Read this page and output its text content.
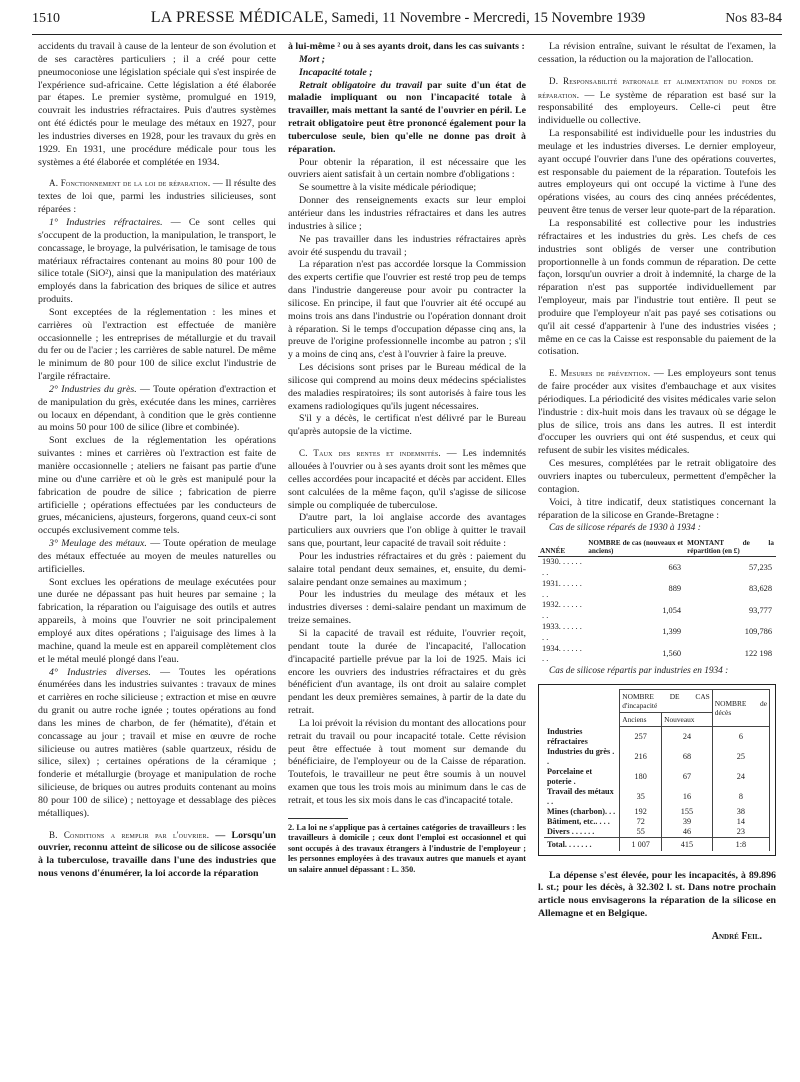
1510	LA PRESSE MÉDICALE, Samedi, 11 Novembre - Mercredi, 15 Novembre 1939	Nos 83-84

accidents du travail à cause de la lenteur de son évolution et de ses caractères particuliers ; il a créé pour cette pneumoconiose une législation spéciale qui s'est inspirée de l'expérience sud-africaine. Cette législation a été élaborée par étapes. Le premier système, promulgué en 1919, couvrait les industries réfractaires. Puis d'autres systèmes ont été édictés pour le meulage des métaux en 1927, pour les industries diverses en 1928, pour les travaux du grès en 1929. En 1931, une procédure médicale pour tous les systèmes a été élaborée et complétée en 1934.

A. Fonctionnement de la loi de réparation. — Il résulte des textes de loi que, parmi les industries silicieuses, sont réparées :

1° Industries réfractaires. — Ce sont celles qui s'occupent de la production, la manipulation, le transport, le concassage, le broyage, la pulvérisation, le tamisage de tous matériaux réfractaires contenant au moins 80 pour 100 de silice totale (SiO²), ainsi que la manipulation des matériaux employés dans la fabrication des briques de silice et autres produits.

Sont exceptées de la réglementation : les mines et carrières où l'extraction est effectuée de manière occasionnelle ; les entreprises de métallurgie et du travail du fer ou de l'acier ; les carrières de sable naturel. De même le minimum de 80 pour 100 de silice exclut l'industrie de l'argile réfractaire.

2° Industries du grès. — Toute opération d'extraction et de manipulation du grès, exécutée dans les mines, carrières ou locaux en dépendant, à condition que le grès contienne au moins 50 pour 100 de silice (libre et combinée).

Sont exclues de la réglementation les opérations suivantes : mines et carrières où l'extraction est faite de manière occasionnelle ; ateliers ne faisant pas partie d'une mine ou d'une carrière et où le grès est manipulé pour la fabrication de poudre de silice ; fabrication de pierre artificielle ; opérations effectuées par les conducteurs de grues, mécaniciens, ajusteurs, forgerons, quand ceux-ci sont occupés exclusivement comme tels.

3° Meulage des métaux. — Toute opération de meulage des métaux effectuée au moyen de meules naturelles ou artificielles.

Sont exclues les opérations de meulage exécutées pour une durée ne dépassant pas huit heures par semaine ; la fabrication, la réparation ou l'aiguisage des outils et autres appareils, à moins que l'ouvrier ne soit principalement employé aux dites opérations ; l'aiguisage des limes à la machine, quand la meule est en appareil complètement clos et le métal meulé plongé dans l'eau.

4° Industries diverses. — Toutes les opérations énumérées dans les industries suivantes : travaux de mines et carrières en roche silicieuse ; extraction et mise en œuvre du granit ou autre roche ignée ; toutes opérations au fond dans les mines de charbon, de fer (hématite), d'étain et concassage au jour ; travail et mise en œuvre de roche silicieuse ou autres matières (sable quartzeux, résidu de silice, silex) ; certaines opérations de la céramique ; fonderie et métallurgie (broyage et manipulation de roche silicieuse, de briques ou autres produits contenant au moins 80 pour 100 de silice) ; nettoyage et dessablage des pièces métalliques).

B. Conditions a remplir par l'ouvrier. — Lorsqu'un ouvrier, reconnu atteint de silicose ou de silicose associée à la tuberculose, travaille dans l'une des industries que nous venons d'énumérer, la loi accorde la réparation

à lui-même ² ou à ses ayants droit, dans les cas suivants :

Mort ;

Incapacité totale ;

Retrait obligatoire du travail par suite d'un état de maladie impliquant ou non l'incapacité totale à travailler, mais mettant la santé de l'ouvrier en péril. Le retrait obligatoire peut être prononcé également pour la tuberculose seule, bien qu'elle ne donne pas droit à réparation.

Pour obtenir la réparation, il est nécessaire que les ouvriers aient satisfait à un certain nombre d'obligations :

Se soumettre à la visite médicale périodique;

Donner des renseignements exacts sur leur emploi antérieur dans les industries réfractaires et dans les autres industries à silice ;

Ne pas travailler dans les industries réfractaires après avoir été suspendu du travail ;

La réparation n'est pas accordée lorsque la Commission des experts certifie que l'ouvrier est resté trop peu de temps dans l'industrie dangereuse pour avoir pu contracter la silicose. En principe, il faut que l'ouvrier ait été occupé au moins trois ans dans l'industrie ou l'opération donnant droit à réparation. Si le temps d'occupation dépasse cinq ans, la preuve de l'origine professionnelle incombe au patron ; s'il y a moins de cinq ans, c'est à l'ouvrier à faire la preuve.

Les décisions sont prises par le Bureau médical de la silicose qui comprend au moins deux médecins spécialistes des maladies respiratoires; ils sont autorisés à faire tous les examens radiologiques qu'ils jugent nécessaires.

S'il y a décès, le certificat n'est délivré par le Bureau qu'après autopsie de la victime.

C. Taux des rentes et indemnités. — Les indemnités allouées à l'ouvrier ou à ses ayants droit sont les mêmes que celles accordées pour incapacité et décès par accident. Elles sont calculées de la même façon, qu'il s'agisse de silicose simple ou compliquée de tuberculose.

D'autre part, la loi anglaise accorde des avantages particuliers aux ouvriers que l'on oblige à quitter le travail sans que, pourtant, leur capacité de travail soit réduite :

Pour les industries réfractaires et du grès : paiement du salaire total pendant deux semaines, et, ensuite, du demi-salaire pendant onze semaines au maximum ;

Pour les industries du meulage des métaux et les industries diverses : demi-salaire pendant un maximum de treize semaines.

Si la capacité de travail est réduite, l'ouvrier reçoit, pendant toute la durée de l'incapacité, l'allocation d'incapacité partielle prévue par la loi de 1925. Mais ici encore les ouvriers des industries réfractaires et du grès bénéficient d'un avantage, ils ont droit au salaire complet pendant les deux premières semaines, à partir de la date du retrait.

La loi prévoit la révision du montant des allocations pour retrait du travail ou pour incapacité totale. Cette révision peut être effectuée à tout moment sur demande du bénéficiaire, de l'employeur ou de la Caisse de réparation. Toutefois, le travailleur ne peut être soumis à un nouvel examen que tous les trois mois au minimum dans le cas de retrait, et tous les six mois dans le cas d'incapacité totale.

2. La loi ne s'applique pas à certaines catégories de travailleurs : les travailleurs à domicile ; ceux dont l'emploi est occasionnel et qui sont occupés à des travaux étrangers à l'industrie de l'employeur ; les personnes employées à des travaux autres que manuels et ayant un salaire annuel dépassant : L. 350.

La révision entraîne, suivant le résultat de l'examen, la cessation, la réduction ou la majoration de l'allocation.

D. Responsabilité patronale et alimentation du fonds de réparation. — Le système de réparation est basé sur la responsabilité des employeurs. Celle-ci peut être individuelle ou collective.

La responsabilité est individuelle pour les industries du meulage et les industries diverses. Le dernier employeur, ayant occupé l'ouvrier dans l'une des opérations couvertes, est responsable du paiement de la réparation. Toutefois les autres employeurs qui ont occupé la victime à l'une des opérations visées, au cours des cinq années précédentes, peuvent être tenus de verser leur quote-part de la réparation.

La responsabilité est collective pour les industries réfractaires et les industries du grès. Les chefs de ces industries sont obligés de verser une contribution proportionnelle à un fonds commun de réparation. De cette façon, lorsqu'un ouvrier a droit à indemnité, la charge de la réparation n'est pas supportée individuellement par l'employeur, mais par l'industrie tout entière. Il peut se produire que l'employeur n'ait pas payé ses cotisations ou qu'il ait cessé d'appartenir à l'une des industries visées ; même en ce cas la Caisse est responsable du paiement de la cotisation.

E. Mesures de prévention. — Les employeurs sont tenus de faire procéder aux visites d'embauchage et aux visites périodiques. La périodicité des visites médicales varie selon l'industrie : dix-huit mois dans les travaux où se dégage le plus de silice, trois ans dans les autres. Il est interdit d'occuper les ouvriers qui ont été suspendus, et ceux qui refusent de subir les visites médicales.

Ces mesures, complétées par le retrait obligatoire des ouvriers inaptes ou tuberculeux, permettent d'empêcher la contagion.

Voici, à titre indicatif, deux statistiques concernant la réparation de la silicose en Grande-Bretagne :

Cas de silicose réparés de 1930 à 1934 :

ANNÉE	NOMBRE de cas (nouveaux et anciens)	MONTANT de la répartition (en £)
1930. . . . . . . .	663	57,235
1931. . . . . . . .	889	83,628
1932. . . . . . . .	1,054	93,777
1933. . . . . . . .	1,399	109,786
1934. . . . . . . .	1,560	122 198

Cas de silicose répartis par industries en 1934 :

	NOMBRE DE CAS d'incapacité		NOMBRE de décès
	Anciens	Nouveaux	
Industries réfractaires	257	24	6
Industries du grès . .	216	68	25
Porcelaine et poterie .	180	67	24
Travail des métaux . .	35	16	8
Mines (charbon). . .	192	155	38
Bâtiment, etc.. . . .	72	39	14
Divers . . . . . .	55	46	23
Total. . . . . . .	1 007	415	1:8

La dépense s'est élevée, pour les incapacités, à 89.896 l. st.; pour les décès, à 32.302 l. st. Dans notre prochain article nous envisagerons la réparation de la silicose en Allemagne et en Belgique.

André Feil.
